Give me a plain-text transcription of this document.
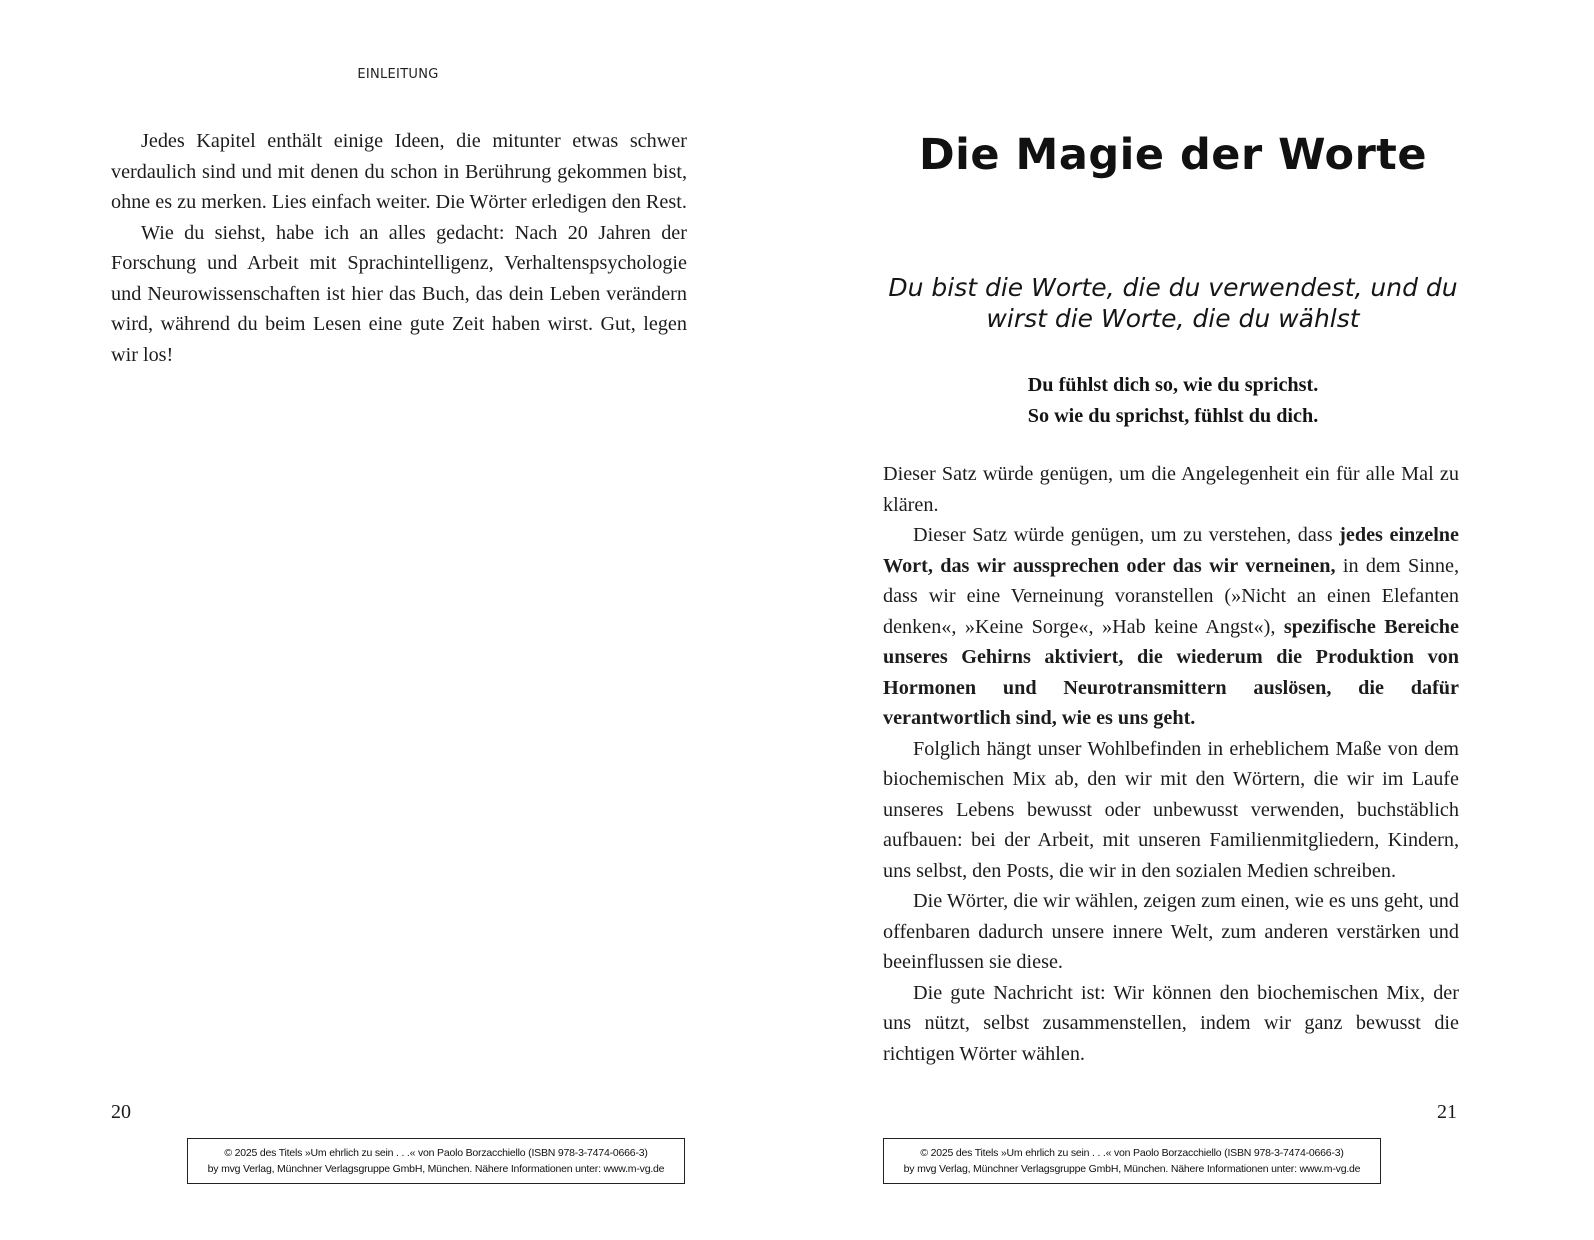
EINLEITUNG

Jedes Kapitel enthält einige Ideen, die mitunter etwas schwer verdaulich sind und mit denen du schon in Berührung gekommen bist, ohne es zu merken. Lies einfach weiter. Die Wörter erledigen den Rest.

Wie du siehst, habe ich an alles gedacht: Nach 20 Jahren der Forschung und Arbeit mit Sprachintelligenz, Verhaltenspsychologie und Neurowissenschaften ist hier das Buch, das dein Leben verändern wird, während du beim Lesen eine gute Zeit haben wirst. Gut, legen wir los!

20
© 2025 des Titels »Um ehrlich zu sein . . .« von Paolo Borzacchiello (ISBN 978-3-7474-0666-3)
by mvg Verlag, Münchner Verlagsgruppe GmbH, München. Nähere Informationen unter: www.m-vg.de
Die Magie der Worte
Du bist die Worte, die du verwendest, und du
wirst die Worte, die du wählst
Du fühlst dich so, wie du sprichst.
So wie du sprichst, fühlst du dich.

Dieser Satz würde genügen, um die Angelegenheit ein für alle Mal zu klären.

Dieser Satz würde genügen, um zu verstehen, dass jedes einzelne Wort, das wir aussprechen oder das wir verneinen, in dem Sinne, dass wir eine Verneinung voranstellen (»Nicht an einen Elefanten denken«, »Keine Sorge«, »Hab keine Angst«), spezifische Bereiche unseres Gehirns aktiviert, die wiederum die Produktion von Hormonen und Neurotransmittern auslösen, die dafür verantwortlich sind, wie es uns geht.

Folglich hängt unser Wohlbefinden in erheblichem Maße von dem biochemischen Mix ab, den wir mit den Wörtern, die wir im Laufe unseres Lebens bewusst oder unbewusst verwenden, buchstäblich aufbauen: bei der Arbeit, mit unseren Familienmitgliedern, Kindern, uns selbst, den Posts, die wir in den sozialen Medien schreiben.

Die Wörter, die wir wählen, zeigen zum einen, wie es uns geht, und offenbaren dadurch unsere innere Welt, zum anderen verstärken und beeinflussen sie diese.

Die gute Nachricht ist: Wir können den biochemischen Mix, der uns nützt, selbst zusammenstellen, indem wir ganz bewusst die richtigen Wörter wählen.

21
© 2025 des Titels »Um ehrlich zu sein . . .« von Paolo Borzacchiello (ISBN 978-3-7474-0666-3)
by mvg Verlag, Münchner Verlagsgruppe GmbH, München. Nähere Informationen unter: www.m-vg.de
